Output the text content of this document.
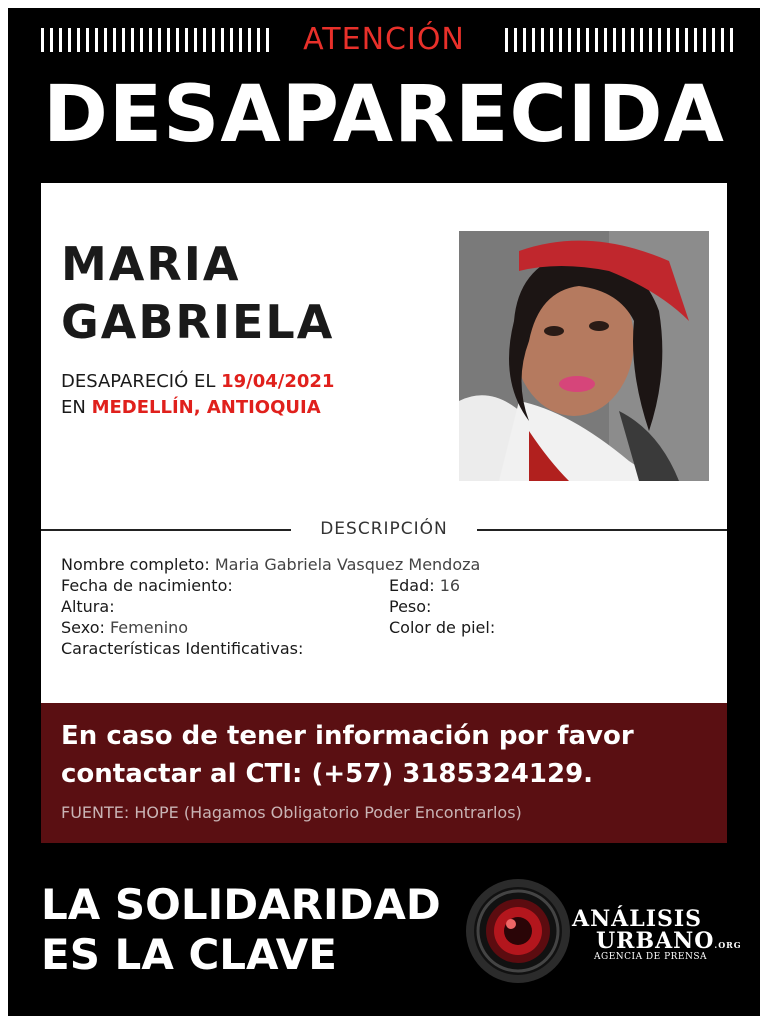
ATENCIÓN
DESAPARECIDA
MARIA
GABRIELA
DESAPARECIÓ EL 19/04/2021
EN MEDELLÍN, ANTIOQUIA
DESCRIPCIÓN
Nombre completo: Maria Gabriela Vasquez Mendoza
Fecha de nacimiento:	Edad: 16
Altura:	Peso:
Sexo: Femenino	Color de piel:
Características Identificativas:
En caso de tener información por favor
contactar al CTI: (+57) 3185324129.
FUENTE: HOPE (Hagamos Obligatorio Poder Encontrarlos)
LA SOLIDARIDAD
ES LA CLAVE
ANÁLISIS
URBANO.ORG
AGENCIA DE PRENSA
